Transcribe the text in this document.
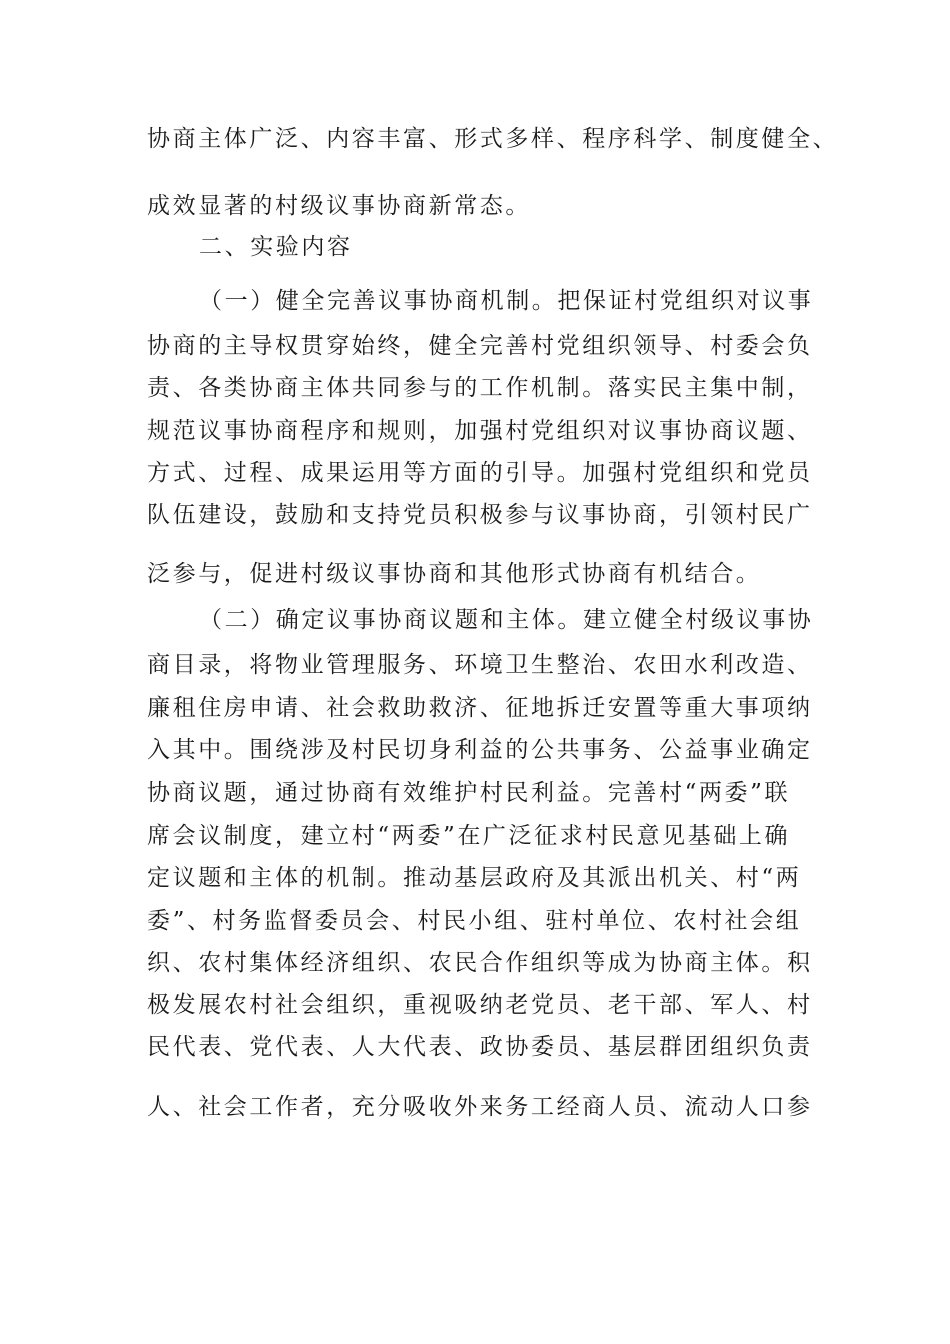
协商主体广泛、内容丰富、形式多样、程序科学、制度健全、
成效显著的村级议事协商新常态。
二、实验内容
（一）健全完善议事协商机制。把保证村党组织对议事
协商的主导权贯穿始终，健全完善村党组织领导、村委会负
责、各类协商主体共同参与的工作机制。落实民主集中制，
规范议事协商程序和规则，加强村党组织对议事协商议题、
方式、过程、成果运用等方面的引导。加强村党组织和党员
队伍建设，鼓励和支持党员积极参与议事协商，引领村民广
泛参与，促进村级议事协商和其他形式协商有机结合。
（二）确定议事协商议题和主体。建立健全村级议事协
商目录，将物业管理服务、环境卫生整治、农田水利改造、
廉租住房申请、社会救助救济、征地拆迁安置等重大事项纳
入其中。围绕涉及村民切身利益的公共事务、公益事业确定
协商议题，通过协商有效维护村民利益。完善村“两委”联
席会议制度，建立村“两委”在广泛征求村民意见基础上确
定议题和主体的机制。推动基层政府及其派出机关、村“两
委”、村务监督委员会、村民小组、驻村单位、农村社会组
织、农村集体经济组织、农民合作组织等成为协商主体。积
极发展农村社会组织，重视吸纳老党员、老干部、军人、村
民代表、党代表、人大代表、政协委员、基层群团组织负责
人、社会工作者，充分吸收外来务工经商人员、流动人口参
